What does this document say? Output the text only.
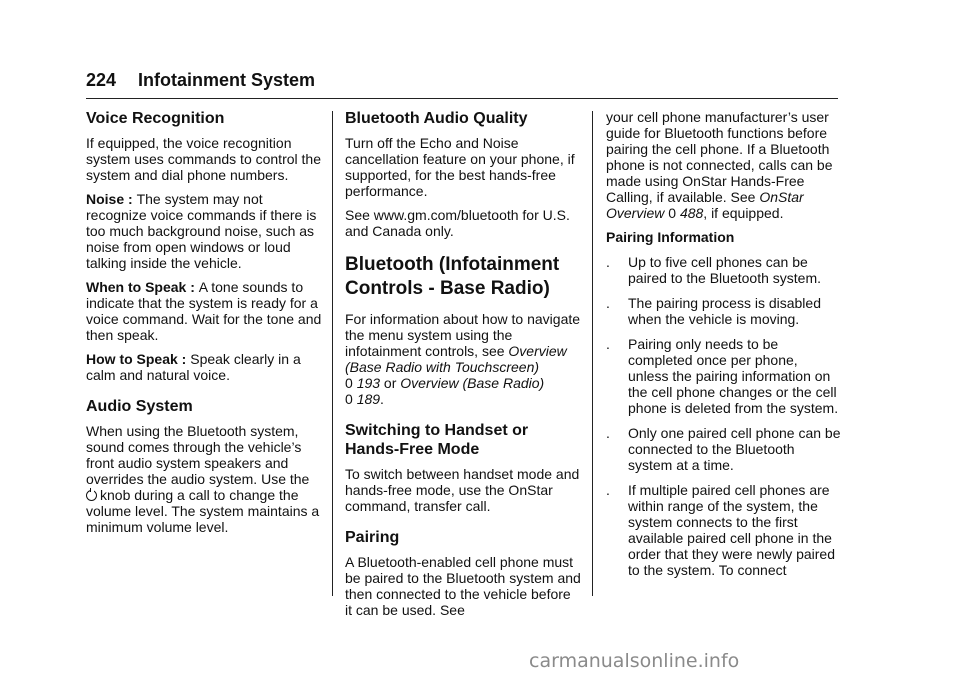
224 Infotainment System
Voice Recognition

If equipped, the voice recognition system uses commands to control the system and dial phone numbers.

Noise : The system may not recognize voice commands if there is too much background noise, such as noise from open windows or loud talking inside the vehicle.

When to Speak : A tone sounds to indicate that the system is ready for a voice command. Wait for the tone and then speak.

How to Speak : Speak clearly in a calm and natural voice.

Audio System

When using the Bluetooth system, sound comes through the vehicle’s front audio system speakers and overrides the audio system. Use the knob during a call to change the volume level. The system maintains a minimum volume level.

Bluetooth Audio Quality

Turn off the Echo and Noise cancellation feature on your phone, if supported, for the best hands-free performance.

See www.gm.com/bluetooth for U.S. and Canada only.

Bluetooth (Infotainment Controls - Base Radio)

For information about how to navigate the menu system using the infotainment controls, see Overview (Base Radio with Touchscreen)
0 193 or Overview (Base Radio)
0 189.

Switching to Handset or Hands-Free Mode

To switch between handset mode and hands-free mode, use the OnStar command, transfer call.

Pairing

A Bluetooth-enabled cell phone must be paired to the Bluetooth system and then connected to the vehicle before it can be used. See

your cell phone manufacturer’s user guide for Bluetooth functions before pairing the cell phone. If a Bluetooth phone is not connected, calls can be made using OnStar Hands-Free Calling, if available. See OnStar Overview 0 488, if equipped.

Pairing Information

. Up to five cell phones can be paired to the Bluetooth system.
. The pairing process is disabled when the vehicle is moving.
. Pairing only needs to be completed once per phone, unless the pairing information on the cell phone changes or the cell phone is deleted from the system.
. Only one paired cell phone can be connected to the Bluetooth system at a time.
. If multiple paired cell phones are within range of the system, the system connects to the first available paired cell phone in the order that they were newly paired to the system. To connect
carmanualsonline.info
